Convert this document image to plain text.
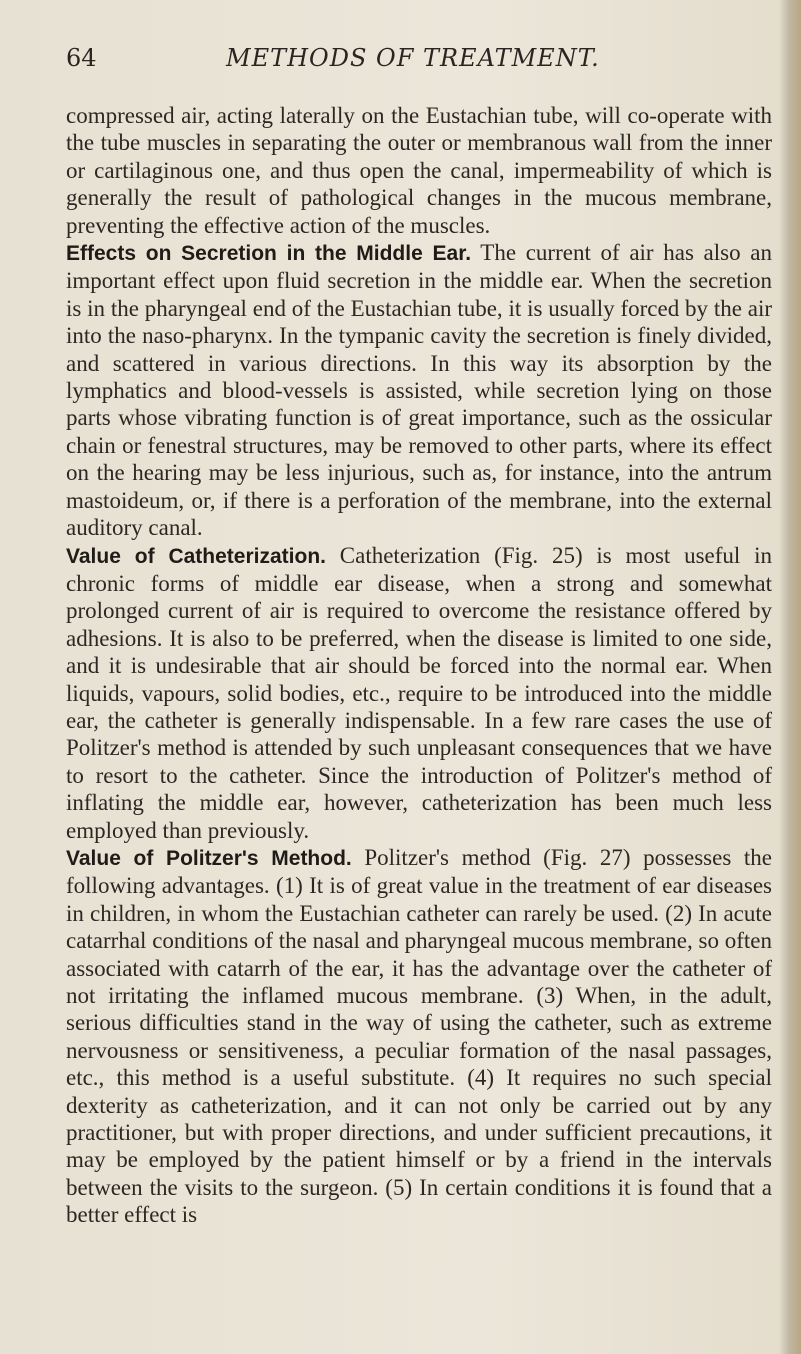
64	METHODS OF TREATMENT.

compressed air, acting laterally on the Eustachian tube, will co-operate with the tube muscles in separating the outer or membranous wall from the inner or cartilaginous one, and thus open the canal, impermeability of which is generally the result of pathological changes in the mucous membrane, preventing the effective action of the muscles.

Effects on Secretion in the Middle Ear. The current of air has also an important effect upon fluid secretion in the middle ear. When the secretion is in the pharyngeal end of the Eustachian tube, it is usually forced by the air into the naso-pharynx. In the tympanic cavity the secretion is finely divided, and scattered in various directions. In this way its absorption by the lymphatics and blood-vessels is assisted, while secretion lying on those parts whose vibrating function is of great importance, such as the ossicular chain or fenestral structures, may be removed to other parts, where its effect on the hearing may be less injurious, such as, for instance, into the antrum mastoideum, or, if there is a perforation of the membrane, into the external auditory canal.

Value of Catheterization. Catheterization (Fig. 25) is most useful in chronic forms of middle ear disease, when a strong and somewhat prolonged current of air is required to overcome the resistance offered by adhesions. It is also to be preferred, when the disease is limited to one side, and it is undesirable that air should be forced into the normal ear. When liquids, vapours, solid bodies, etc., require to be introduced into the middle ear, the catheter is generally indispensable. In a few rare cases the use of Politzer's method is attended by such unpleasant consequences that we have to resort to the catheter. Since the introduction of Politzer's method of inflating the middle ear, however, catheterization has been much less employed than previously.

Value of Politzer's Method. Politzer's method (Fig. 27) possesses the following advantages. (1) It is of great value in the treatment of ear diseases in children, in whom the Eustachian catheter can rarely be used. (2) In acute catarrhal conditions of the nasal and pharyngeal mucous membrane, so often associated with catarrh of the ear, it has the advantage over the catheter of not irritating the inflamed mucous membrane. (3) When, in the adult, serious difficulties stand in the way of using the catheter, such as extreme nervousness or sensitiveness, a peculiar formation of the nasal passages, etc., this method is a useful substitute. (4) It requires no such special dexterity as catheterization, and it can not only be carried out by any practitioner, but with proper directions, and under sufficient precautions, it may be employed by the patient himself or by a friend in the intervals between the visits to the surgeon. (5) In certain conditions it is found that a better effect is
